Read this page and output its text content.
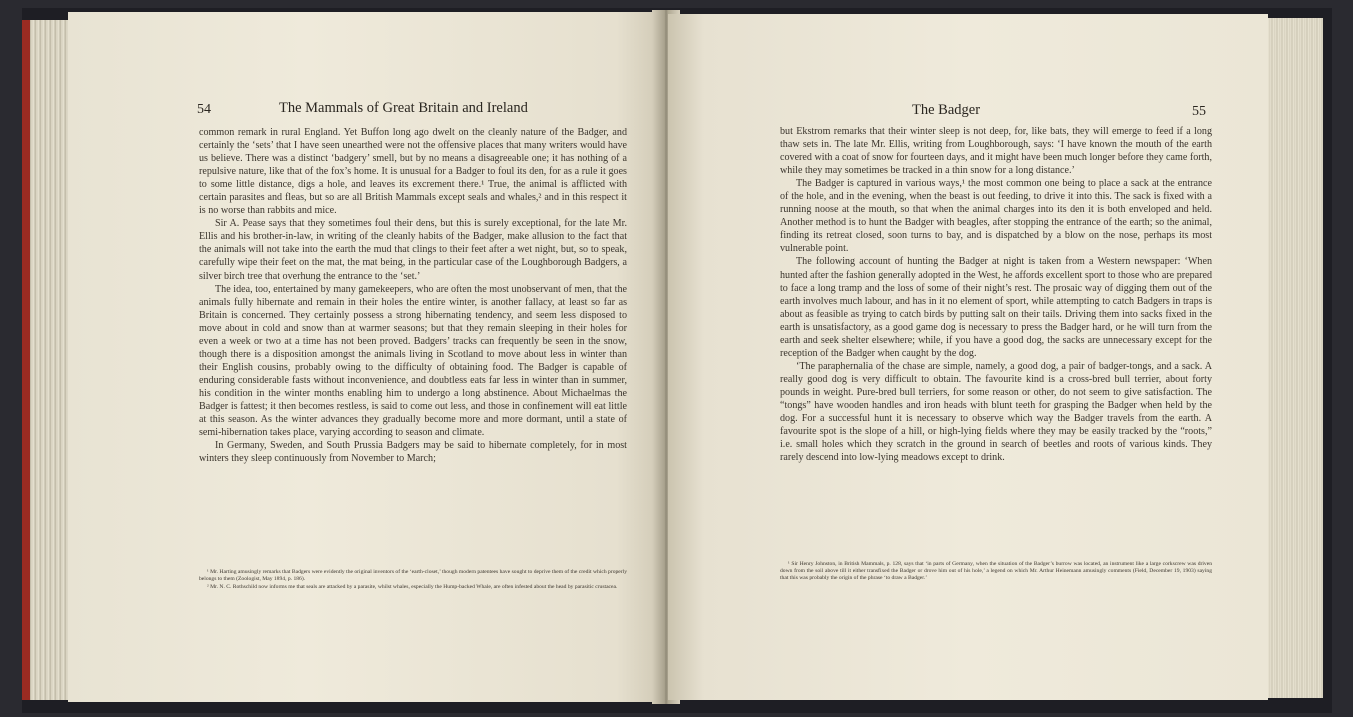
54	The Mammals of Great Britain and Ireland

common remark in rural England. Yet Buffon long ago dwelt on the cleanly nature of the Badger, and certainly the ‘sets’ that I have seen unearthed were not the offensive places that many writers would have us believe. There was a distinct ‘badgery’ smell, but by no means a disagreeable one; it has nothing of a repulsive nature, like that of the fox’s home. It is unusual for a Badger to foul its den, for as a rule it goes to some little distance, digs a hole, and leaves its excrement there.¹ True, the animal is afflicted with certain parasites and fleas, but so are all British Mammals except seals and whales,² and in this respect it is no worse than rabbits and mice.

Sir A. Pease says that they sometimes foul their dens, but this is surely exceptional, for the late Mr. Ellis and his brother-in-law, in writing of the cleanly habits of the Badger, make allusion to the fact that the animals will not take into the earth the mud that clings to their feet after a wet night, but, so to speak, carefully wipe their feet on the mat, the mat being, in the particular case of the Loughborough Badgers, a silver birch tree that overhung the entrance to the ‘set.’

The idea, too, entertained by many gamekeepers, who are often the most unobservant of men, that the animals fully hibernate and remain in their holes the entire winter, is another fallacy, at least so far as Britain is concerned. They certainly possess a strong hibernating tendency, and seem less disposed to move about in cold and snow than at warmer seasons; but that they remain sleeping in their holes for even a week or two at a time has not been proved. Badgers’ tracks can frequently be seen in the snow, though there is a disposition amongst the animals living in Scotland to move about less in winter than their English cousins, probably owing to the difficulty of obtaining food. The Badger is capable of enduring considerable fasts without inconvenience, and doubtless eats far less in winter than in summer, his condition in the winter months enabling him to undergo a long abstinence. About Michaelmas the Badger is fattest; it then becomes restless, is said to come out less, and those in confinement will eat little at this season. As the winter advances they gradually become more and more dormant, until a state of semi-hibernation takes place, varying according to season and climate.

In Germany, Sweden, and South Prussia Badgers may be said to hibernate completely, for in most winters they sleep continuously from November to March;

¹ Mr. Harting amusingly remarks that Badgers were evidently the original inventors of the ‘earth-closet,’ though modern patentees have sought to deprive them of the credit which properly belongs to them (Zoologist, May 1894, p. 186).

² Mr. N. C. Rothschild now informs me that seals are attacked by a parasite, whilst whales, especially the Hump-backed Whale, are often infested about the head by parasitic crustacea.

The Badger	55

but Ekstrom remarks that their winter sleep is not deep, for, like bats, they will emerge to feed if a long thaw sets in. The late Mr. Ellis, writing from Loughborough, says: ‘I have known the mouth of the earth covered with a coat of snow for fourteen days, and it might have been much longer before they came forth, while they may sometimes be tracked in a thin snow for a long distance.’

The Badger is captured in various ways,¹ the most common one being to place a sack at the entrance of the hole, and in the evening, when the beast is out feeding, to drive it into this. The sack is fixed with a running noose at the mouth, so that when the animal charges into its den it is both enveloped and held. Another method is to hunt the Badger with beagles, after stopping the entrance of the earth; so the animal, finding its retreat closed, soon turns to bay, and is dispatched by a blow on the nose, perhaps its most vulnerable point.

The following account of hunting the Badger at night is taken from a Western newspaper: ‘When hunted after the fashion generally adopted in the West, he affords excellent sport to those who are prepared to face a long tramp and the loss of some of their night’s rest. The prosaic way of digging them out of the earth involves much labour, and has in it no element of sport, while attempting to catch Badgers in traps is about as feasible as trying to catch birds by putting salt on their tails. Driving them into sacks fixed in the earth is unsatisfactory, as a good game dog is necessary to press the Badger hard, or he will turn from the earth and seek shelter elsewhere; while, if you have a good dog, the sacks are unnecessary except for the reception of the Badger when caught by the dog.

‘The paraphernalia of the chase are simple, namely, a good dog, a pair of badger-tongs, and a sack. A really good dog is very difficult to obtain. The favourite kind is a cross-bred bull terrier, about forty pounds in weight. Pure-bred bull terriers, for some reason or other, do not seem to give satisfaction. The “tongs” have wooden handles and iron heads with blunt teeth for grasping the Badger when held by the dog. For a successful hunt it is necessary to observe which way the Badger travels from the earth. A favourite spot is the slope of a hill, or high-lying fields where they may be easily tracked by the “roots,” i.e. small holes which they scratch in the ground in search of beetles and roots of various kinds. They rarely descend into low-lying meadows except to drink.

¹ Sir Henry Johnston, in British Mammals, p. 128, says that ‘in parts of Germany, when the situation of the Badger’s burrow was located, an instrument like a large corkscrew was driven down from the soil above till it either transfixed the Badger or drove him out of his hole,’ a legend on which Mr. Arthur Heinemann amusingly comments (Field, December 19, 1903) saying that this was probably the origin of the phrase ‘to draw a Badger.’
